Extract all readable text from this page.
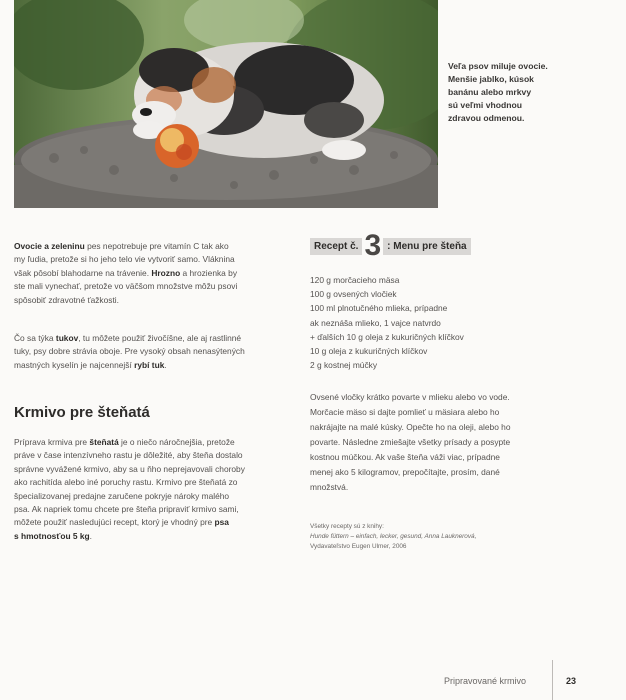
Veľa psov miluje ovocie.
Menšie jablko, kúsok
banánu alebo mrkvy
sú veľmi vhodnou
zdravou odmenou.
Ovocie a zeleninu pes nepotrebuje pre vitamín C tak ako
my ľudia, pretože si ho jeho telo vie vytvoriť samo. Vláknina
však pôsobí blahodarne na trávenie. Hrozno a hrozienka by
ste mali vynechať, pretože vo väčšom množstve môžu psovi
spôsobiť zdravotné ťažkosti.
Čo sa týka tukov, tu môžete použiť živočíšne, ale aj rastlinné
tuky, psy dobre strávia oboje. Pre vysoký obsah nenasýtených
mastných kyselín je najcennejší rybí tuk.
Krmivo pre šteňatá
Príprava krmiva pre šteňatá je o niečo náročnejšia, pretože
práve v čase intenzívneho rastu je dôležité, aby šteňa dostalo
správne vyvážené krmivo, aby sa u ňho neprejavovali choroby
ako rachitída alebo iné poruchy rastu. Krmivo pre šteňatá zo
špecializovanej predajne zaručene pokryje nároky malého
psa. Ak napriek tomu chcete pre šteňa pripraviť krmivo sami,
môžete použiť nasledujúci recept, ktorý je vhodný pre psa
s hmotnosťou 5 kg.
Recept č. 3 : Menu pre šteňa
120 g morčacieho mäsa
100 g ovsených vločiek
100 ml plnotučného mlieka, prípadne
ak neznáša mlieko, 1 vajce natvrdo
+ ďalších 10 g oleja z kukuričných klíčkov
10 g oleja z kukuričných klíčkov
2 g kostnej múčky
Ovsené vločky krátko povarte v mlieku alebo vo vode.
Morčacie mäso si dajte pomlieť u mäsiara alebo ho
nakrájajte na malé kúsky. Opečte ho na oleji, alebo ho
povarte. Následne zmiešajte všetky prísady a posypte
kostnou múčkou. Ak vaše šteňa váži viac, prípadne
menej ako 5 kilogramov, prepočítajte, prosím, dané
množstvá.
Všetky recepty sú z knihy:
Hunde füttern – einfach, lecker, gesund, Anna Lauknerová,
Vydavateľstvo Eugen Ulmer, 2006
Pripravované krmivo	23
